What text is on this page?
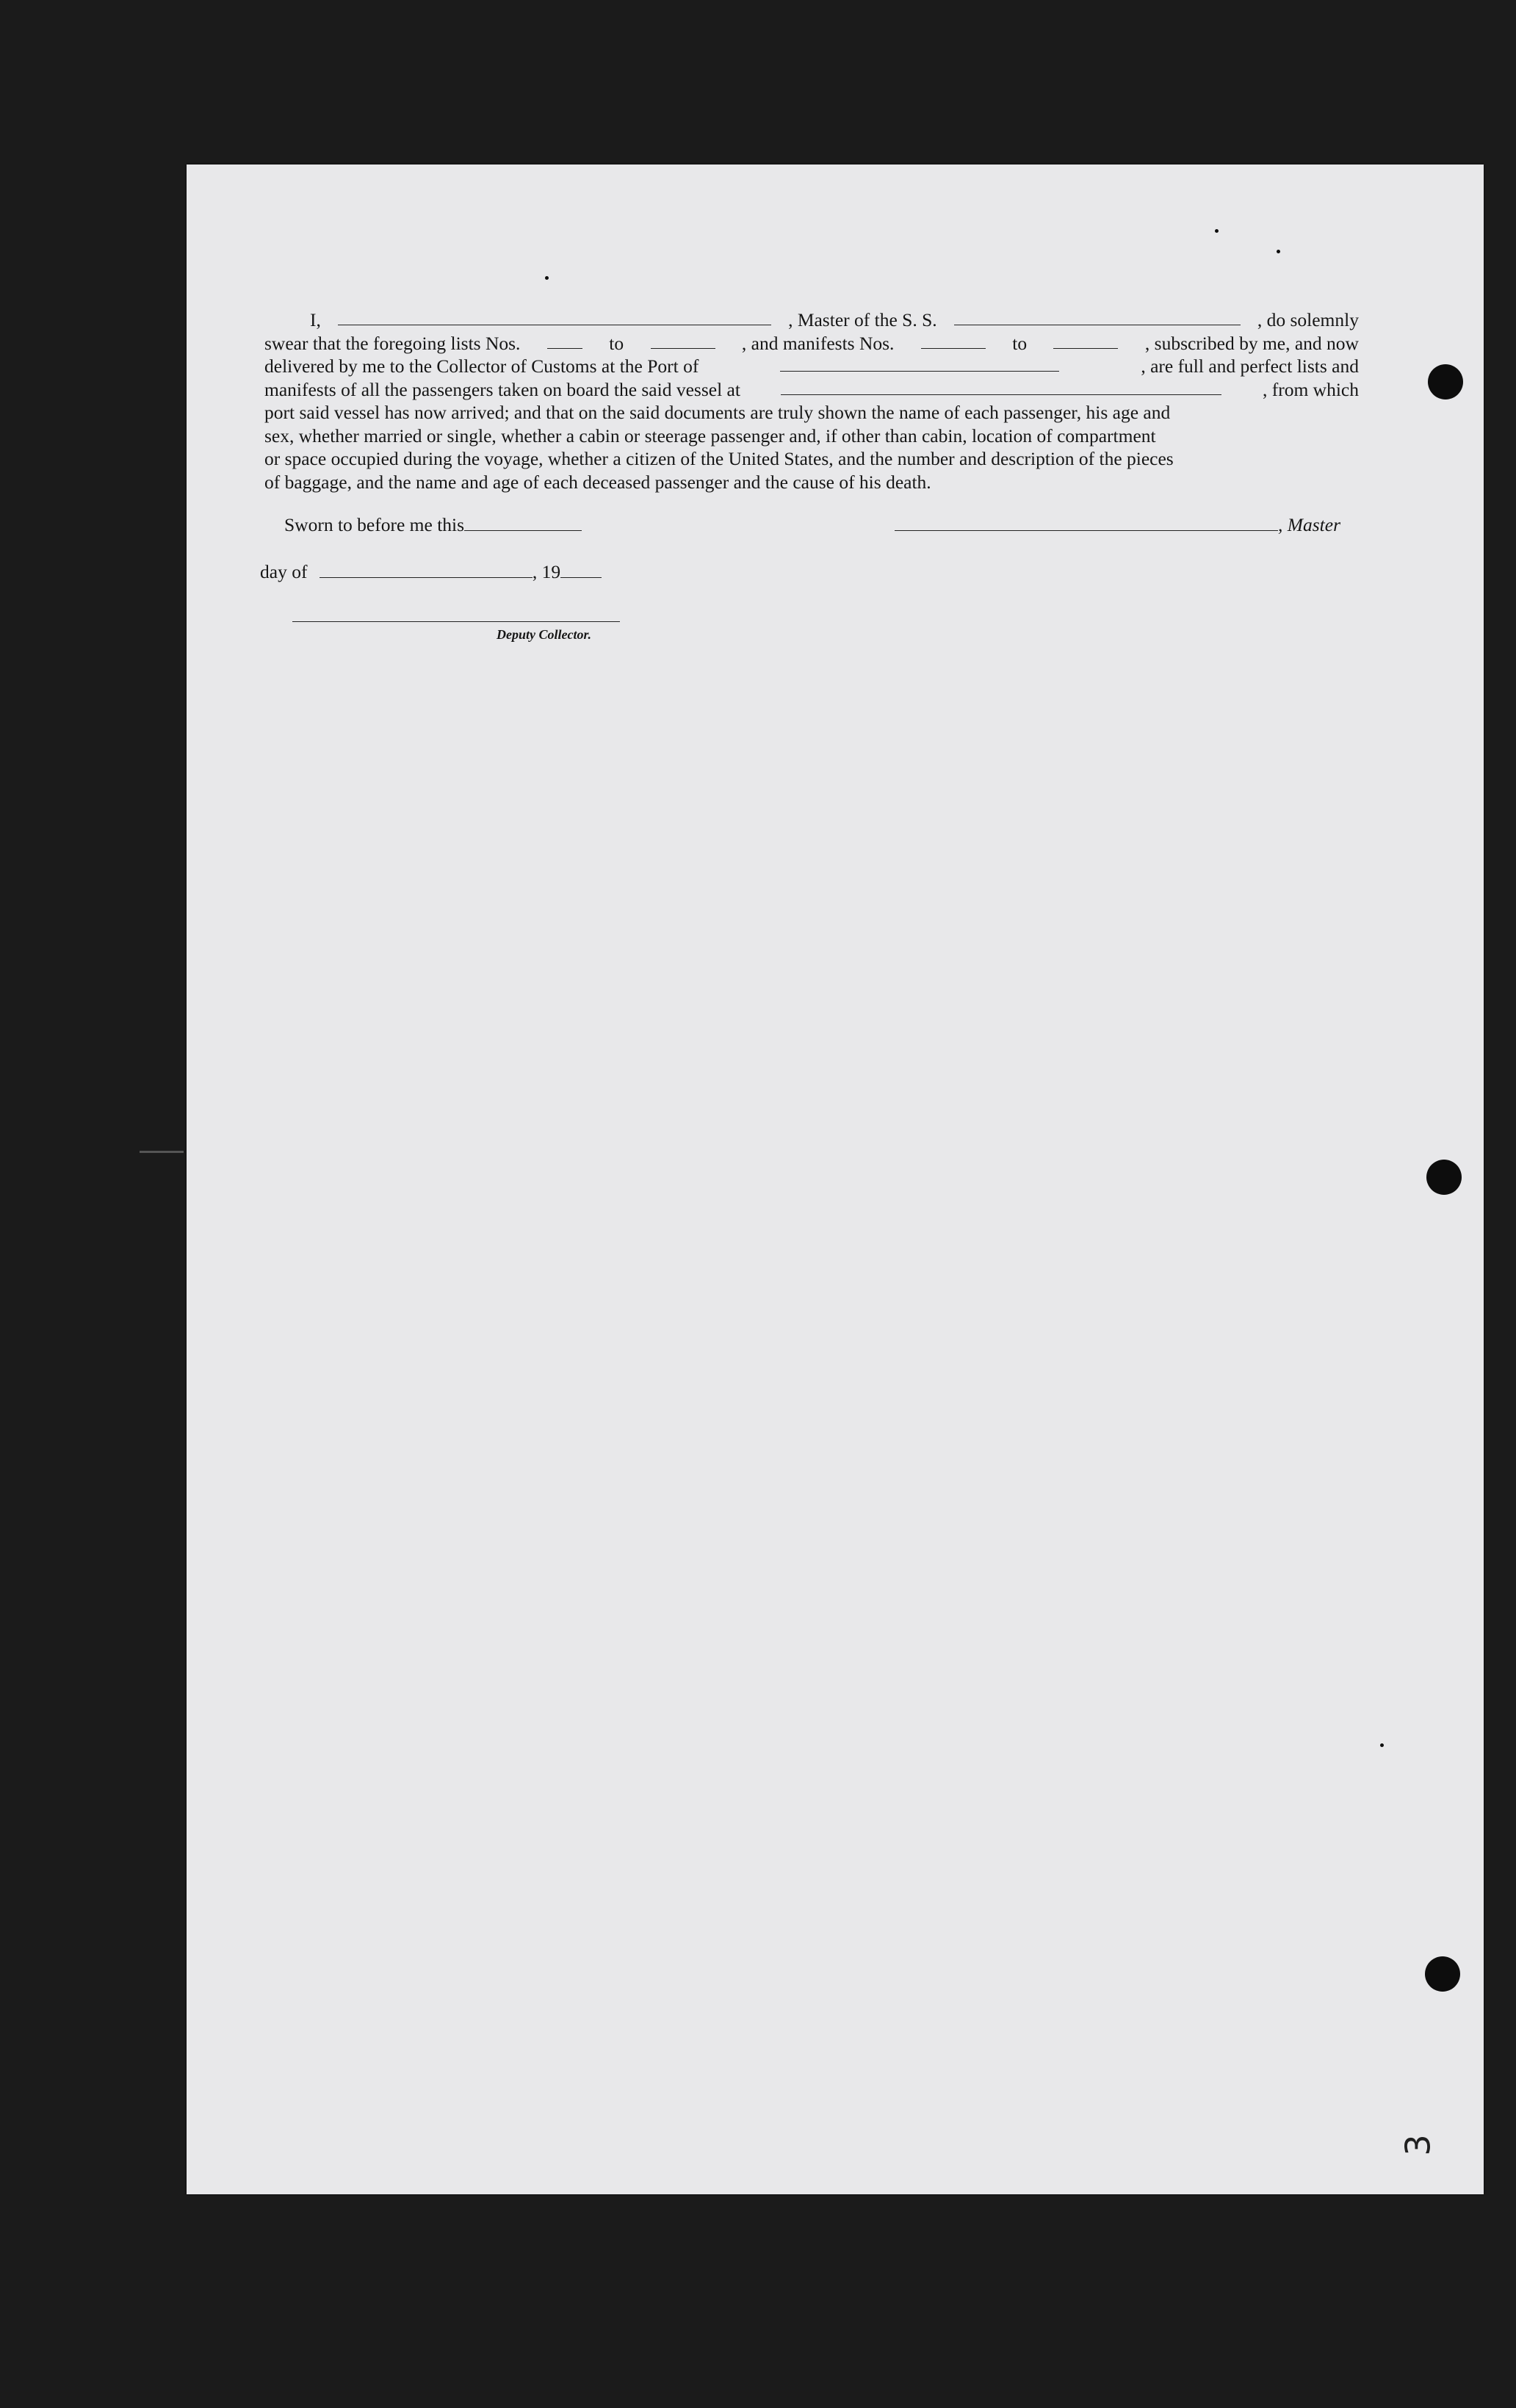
I,	, Master of the S. S.	, do solemnly
swear that the foregoing lists Nos.	to	, and manifests Nos.	to	, subscribed by me, and now
delivered by me to the Collector of Customs at the Port of	, are full and perfect lists and
manifests of all the passengers taken on board the said vessel at	, from which
port said vessel has now arrived; and that on the said documents are truly shown the name of each passenger, his age and
sex, whether married or single, whether a cabin or steerage passenger and, if other than cabin, location of compartment
or space occupied during the voyage, whether a citizen of the United States, and the number and description of the pieces
of baggage, and the name and age of each deceased passenger and the cause of his death.
Sworn to before me this	, Master
day of	, 19
Deputy Collector.
3
